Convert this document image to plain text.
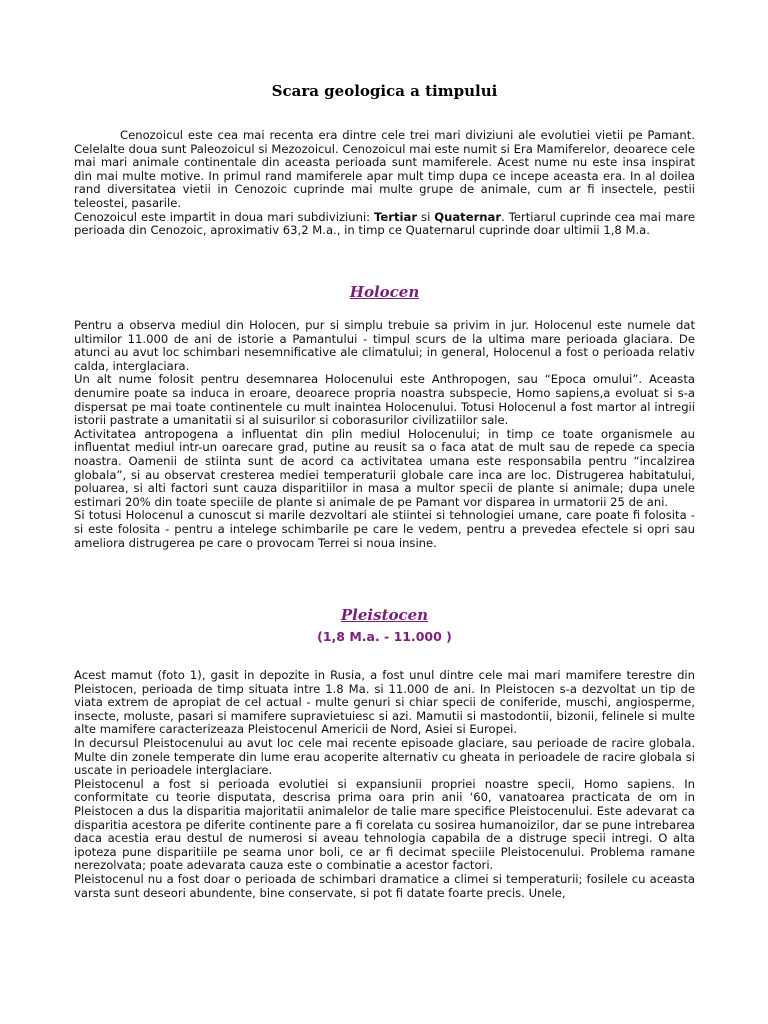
Scara geologica a timpului

Cenozoicul este cea mai recenta era dintre cele trei mari diviziuni ale evolutiei vietii pe Pamant. Celelalte doua sunt Paleozoicul si Mezozoicul. Cenozoicul mai este numit si Era Mamiferelor, deoarece cele mai mari animale continentale din aceasta perioada sunt mamiferele. Acest nume nu este insa inspirat din mai multe motive. In primul rand mamiferele apar mult timp dupa ce incepe aceasta era. In al doilea rand diversitatea vietii in Cenozoic cuprinde mai multe grupe de animale, cum ar fi insectele, pestii teleostei, pasarile.

Cenozoicul este impartit in doua mari subdiviziuni: Tertiar si Quaternar. Tertiarul cuprinde cea mai mare perioada din Cenozoic, aproximativ 63,2 M.a., in timp ce Quaternarul cuprinde doar ultimii 1,8 M.a.

Holocen

Pentru a observa mediul din Holocen, pur si simplu trebuie sa privim in jur. Holocenul este numele dat ultimilor 11.000 de ani de istorie a Pamantului - timpul scurs de la ultima mare perioada glaciara. De atunci au avut loc schimbari nesemnificative ale climatului; in general, Holocenul a fost o perioada relativ calda, interglaciara.

Un alt nume folosit pentru desemnarea Holocenului este Anthropogen, sau “Epoca omului”. Aceasta denumire poate sa induca in eroare, deoarece propria noastra subspecie, Homo sapiens,a evoluat si s-a dispersat pe mai toate continentele cu mult inaintea Holocenului. Totusi Holocenul a fost martor al intregii istorii pastrate a umanitatii si al suisurilor si coborasurilor civilizatiilor sale.

Activitatea antropogena a influentat din plin mediul Holocenului; in timp ce toate organismele au influentat mediul intr-un oarecare grad, putine au reusit sa o faca atat de mult sau de repede ca specia noastra. Oamenii de stiinta sunt de acord ca activitatea umana este responsabila pentru “incalzirea globala”, si au observat cresterea mediei temperaturii globale care inca are loc. Distrugerea habitatului, poluarea, si alti factori sunt cauza disparitiilor in masa a multor specii de plante si animale; dupa unele estimari 20% din toate speciile de plante si animale de pe Pamant vor disparea in urmatorii 25 de ani.

Si totusi Holocenul a cunoscut si marile dezvoltari ale stiintei si tehnologiei umane, care poate fi folosita - si este folosita - pentru a intelege schimbarile pe care le vedem, pentru a prevedea efectele si opri sau ameliora distrugerea pe care o provocam Terrei si noua insine.

Pleistocen
(1,8 M.a. - 11.000 )

Acest mamut (foto 1), gasit in depozite in Rusia, a fost unul dintre cele mai mari mamifere terestre din Pleistocen, perioada de timp situata intre 1.8 Ma. si 11.000 de ani. In Pleistocen s-a dezvoltat un tip de viata extrem de apropiat de cel actual - multe genuri si chiar specii de coniferide, muschi, angiosperme, insecte, moluste, pasari si mamifere supravietuiesc si azi. Mamutii si mastodontii, bizonii, felinele si multe alte mamifere caracterizeaza Pleistocenul Americii de Nord, Asiei si Europei.

In decursul Pleistocenului au avut loc cele mai recente episoade glaciare, sau perioade de racire globala. Multe din zonele temperate din lume erau acoperite alternativ cu gheata in perioadele de racire globala si uscate in perioadele interglaciare.

Pleistocenul a fost si perioada evolutiei si expansiunii propriei noastre specii, Homo sapiens. In conformitate cu teorie disputata, descrisa prima oara prin anii ‘60, vanatoarea practicata de om in Pleistocen a dus la disparitia majoritatii animalelor de talie mare specifice Pleistocenului. Este adevarat ca disparitia acestora pe diferite continente pare a fi corelata cu sosirea humanoizilor, dar se pune intrebarea daca acestia erau destul de numerosi si aveau tehnologia capabila de a distruge specii intregi. O alta ipoteza pune disparitiile pe seama unor boli, ce ar fi decimat speciile Pleistocenului. Problema ramane nerezolvata; poate adevarata cauza este o combinatie a acestor factori.

Pleistocenul nu a fost doar o perioada de schimbari dramatice a climei si temperaturii; fosilele cu aceasta varsta sunt deseori abundente, bine conservate, si pot fi datate foarte precis. Unele,
